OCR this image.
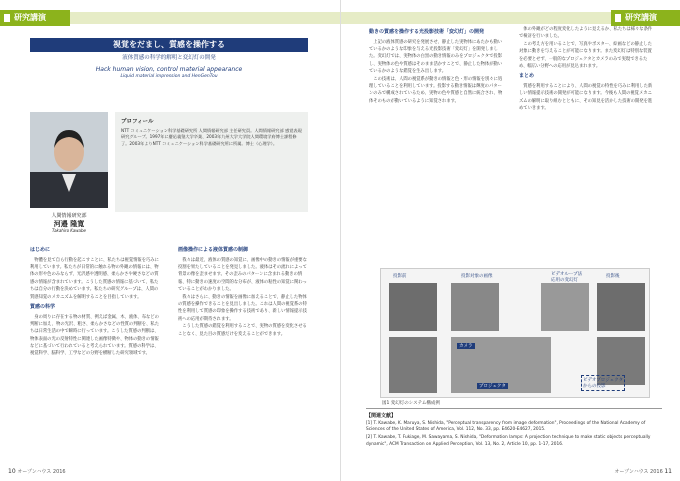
研究講演
視覚をだまし、質感を操作する
液体質感の科学的解明と変幻灯の開発
Hack human vision, control material appearance
Liquid material impression and HenGenTou
プロフィール
NTT コミュニケーション科学基礎研究所 人間情報研究部 主任研究員。人間情報研究部 感覚表現研究グループ。1997年に慶応義塾大学卒業、2003年九州大学大学院人間環境学府博士課程修了。2003年よりNTT コミュニケーション科学基礎研究所に所属。博士（心理学）。
人間情報研究部
河邉 隆寛
Takahiro Kawabe
はじめに

物體を見て自ら行動を起こすことに、私たちは視覚情報を巧みに利用しています。私たちが日常的に触れる物の外観の情報には、物体の形や色のみならず、光沢感や透明感、柔らかさや硬さなどの質感の情報が含まれています。こうした質感の情報に基づいて、私たちは自分の行動を決めています。私たちの研究グループは、人間の質感知覚のメカニズムを解明することを目指しています。

質感の科学

身の周りに存在する物の材質、例えば金属、木、液体、布などの判断に加え、物の光沢、粗さ、柔らかさなどの性質の判断を、私たちは日常生活の中で瞬時に行っています。こうした質感の判断は、物体表面の光の反射特性に関連した画像特徴や、物体の動きの情報などに基づいて行われていると考えられています。質感の科学は、視覚科学、脳科学、工学などの分野を横断した研究領域です。

画像操作による液体質感の制御

我々は最近、液体の質感の知覚に、画像中の動きの情報が重要な役割を果たしていることを発見しました。液体はその流れによって背景の像を歪ませます。その歪みのパターンに含まれる動きの情報、特に動きの速度の空間的な分布が、液体の粘性の知覚に関わっていることがわかりました。

我々はさらに、動きの情報を画像に加えることで、静止した物体の質感を操作できることを見出しました。これは人間の視覚系の特性を利用して質感の印象を操作する技術であり、新しい情報提示技術への応用が期待されます。

こうした質感の錯覚を利用することで、実物の質感を変化させることなく、見た目の質感だけを変えることができます。

10 オープンハウス 2016
研究講演
動きの質感を操作する光投影技術「変幻灯」の開発

上記の液体質感の研究を発展させ、静止した実物体にあたかも動いているかのような印象を与える光投影技術「変幻灯」を開発しました。変幻灯では、実物体の白黒の動き情報のみをプロジェクタで投影し、実物体の色や質感はそのまま活かすことで、静止した物体が動いているかのような錯覚を生み出します。

この技術は、人間の視覚系が動きの情報と色・形の情報を別々に処理していることを利用しています。投影する動き情報は輝度のパターンのみで構成されているため、実物の色や質感と自然に統合され、物体そのものが動いているように知覚されます。

体の外観がどの程度変化したように見えるか、私たちは様々な条件で検討を行いました。

この考え方を用いることで、写真やポスター、絵画などの静止した対象に動きを与えることが可能になります。また変幻灯は特別な装置を必要とせず、一般的なプロジェクタとカメラのみで実現できるため、幅広い分野への応用が見込まれます。

まとめ

質感を利用することにより、人間の視覚の特性を巧みに利用した新しい情報提示技術の開発が可能になります。今後も人間の視覚メカニズムの解明に取り組むとともに、その知見を活かした技術の開発を進めていきます。

オープンハウス 2016 11
投影前	投影対象の画像	ビデオループ法
応用の変幻灯
投影後
カメラ
プロジェクタ
ビデオプロジェクタ
からの投影
図1 変幻灯のシステム構成例
【関連文献】
[1] T. Kawabe, K. Maruya, S. Nishida, "Perceptual transparency from image deformation", Proceedings of the National Academy of Sciences of the United States of America, Vol. 112, No. 33, pp. E4620-E4627, 2015.
[2] T. Kawabe, T. Fukiage, M. Sawayama, S. Nishida, "Deformation lamps: A projection technique to make static objects perceptually dynamic", ACM Transaction on Applied Perception, Vol. 13, No. 2, Article 10, pp. 1-17, 2016.
